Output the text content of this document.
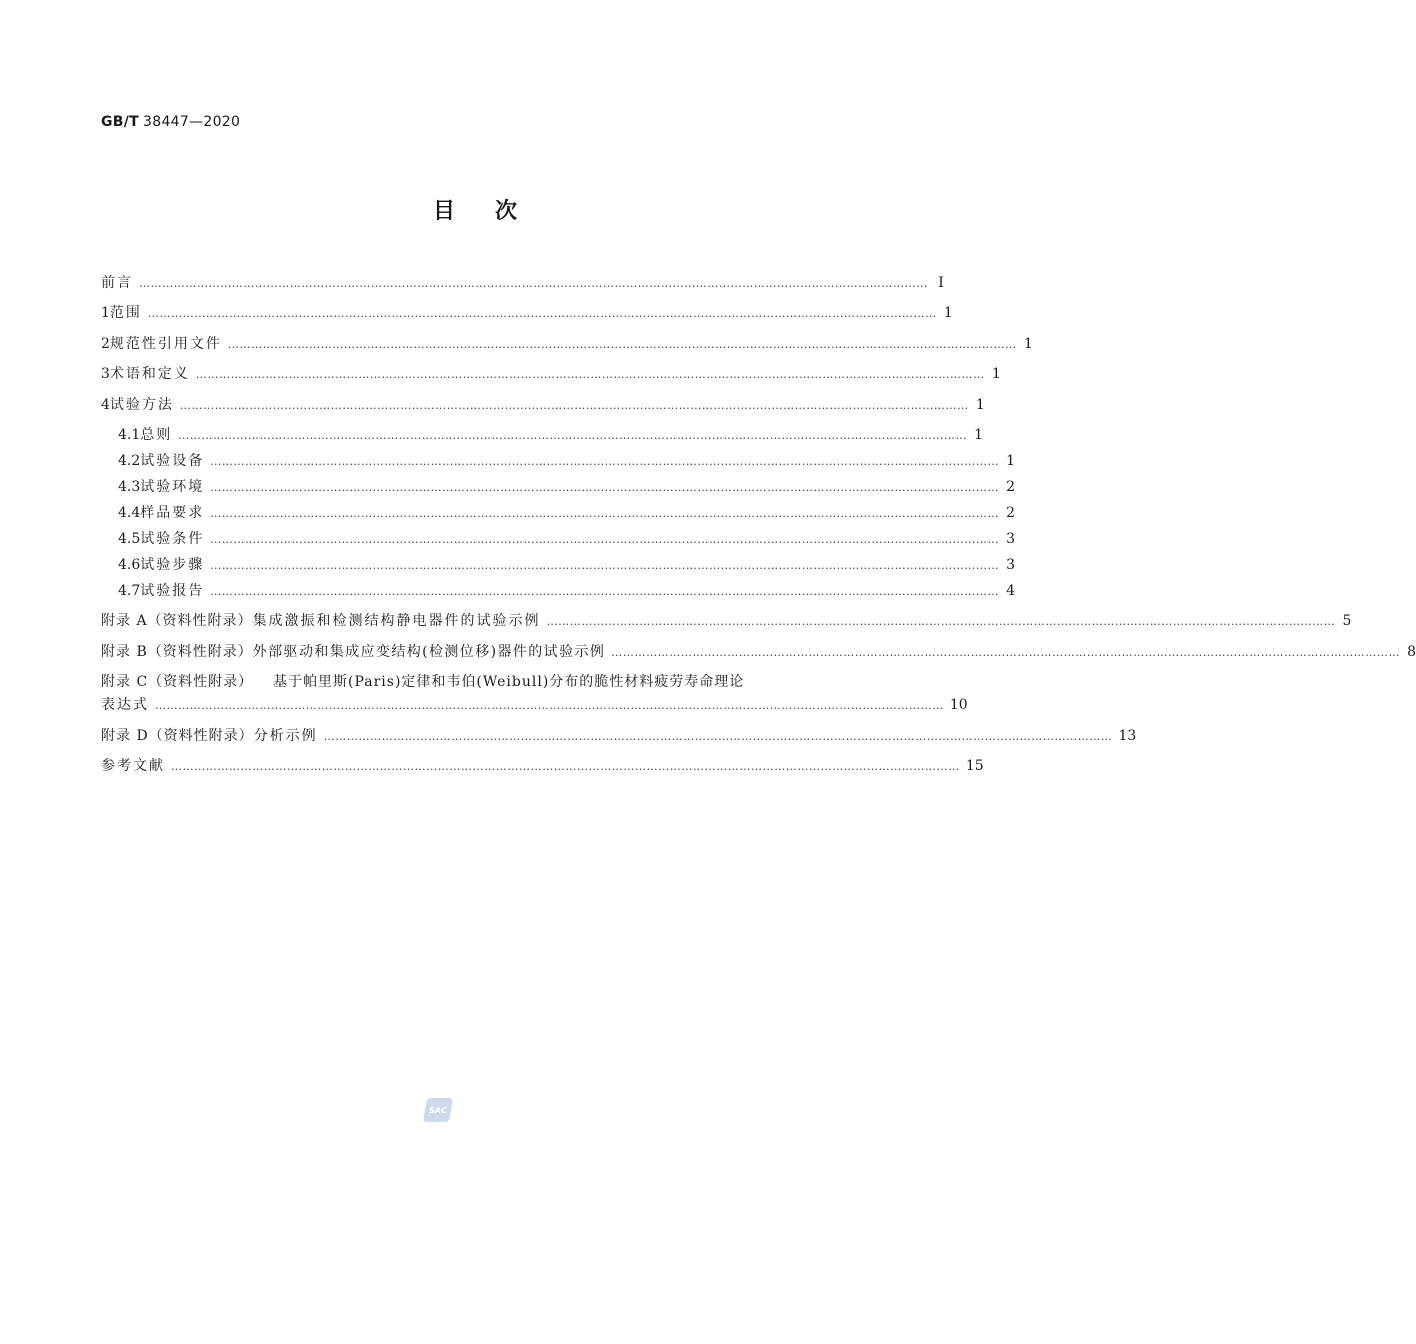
GB/T 38447—2020
目次
前言 …………………………………………………………………………………………………………………………………………………………………………………… Ⅰ
1 范围 …………………………………………………………………………………………………………………………………………………………………………………… 1
2 规范性引用文件 …………………………………………………………………………………………………………………………………………………………………………………… 1
3 术语和定义 …………………………………………………………………………………………………………………………………………………………………………………… 1
4 试验方法 …………………………………………………………………………………………………………………………………………………………………………………… 1
4.1 总则 …………………………………………………………………………………………………………………………………………………………………………………… 1
4.2 试验设备 …………………………………………………………………………………………………………………………………………………………………………………… 1
4.3 试验环境 …………………………………………………………………………………………………………………………………………………………………………………… 2
4.4 样品要求 …………………………………………………………………………………………………………………………………………………………………………………… 2
4.5 试验条件 …………………………………………………………………………………………………………………………………………………………………………………… 3
4.6 试验步骤 …………………………………………………………………………………………………………………………………………………………………………………… 3
4.7 试验报告 …………………………………………………………………………………………………………………………………………………………………………………… 4
附录 A（资料性附录） 集成激振和检测结构静电器件的试验示例 …………………………………………………………………………………………………………………………………………………………………………………… 5
附录 B（资料性附录） 外部驱动和集成应变结构(检测位移)器件的试验示例 …………………………………………………………………………………………………………………………………………………………………………………… 8
附录 C（资料性附录）	基于帕里斯(Paris)定律和韦伯(Weibull)分布的脆性材料疲劳寿命理论
表达式 …………………………………………………………………………………………………………………………………………………………………………………… 10
附录 D（资料性附录） 分析示例 …………………………………………………………………………………………………………………………………………………………………………………… 13
参考文献 …………………………………………………………………………………………………………………………………………………………………………………… 15
SAC
